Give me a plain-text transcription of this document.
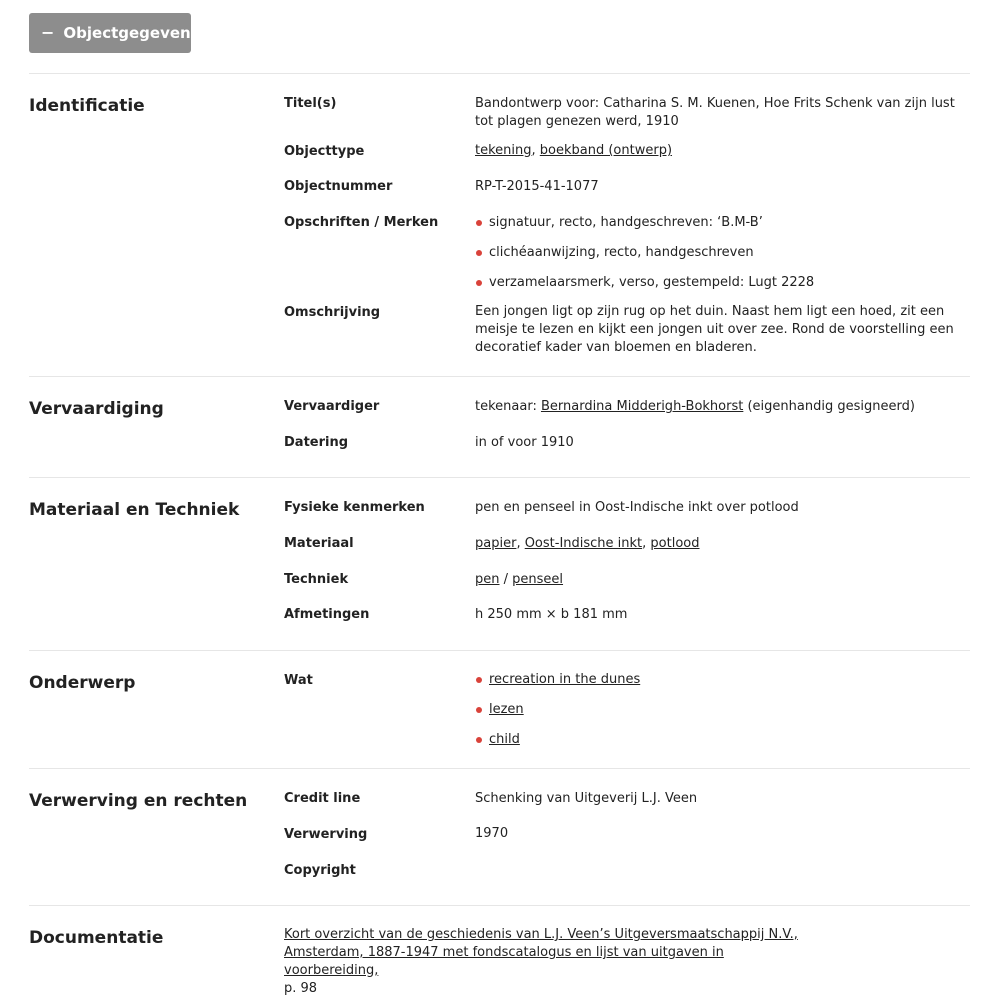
− Objectgegevens
Identificatie	Titel(s)	Bandontwerp voor: Catharina S. M. Kuenen, Hoe Frits Schenk van zijn lust tot plagen genezen werd, 1910
Objecttype	tekening, boekband (ontwerp)
Objectnummer	RP-T-2015-41-1077
Opschriften / Merken	signatuur, recto, handgeschreven: ‘B.M-B’
clichéaanwijzing, recto, handgeschreven
verzamelaarsmerk, verso, gestempeld: Lugt 2228
Omschrijving	Een jongen ligt op zijn rug op het duin. Naast hem ligt een hoed, zit een meisje te lezen en kijkt een jongen uit over zee. Rond de voorstelling een decoratief kader van bloemen en bladeren.
Vervaardiging	Vervaardiger	tekenaar: Bernardina Midderigh-Bokhorst (eigenhandig gesigneerd)
Datering	in of voor 1910
Materiaal en Techniek	Fysieke kenmerken	pen en penseel in Oost-Indische inkt over potlood
Materiaal	papier, Oost-Indische inkt, potlood
Techniek	pen / penseel
Afmetingen	h 250 mm × b 181 mm
Onderwerp	Wat	recreation in the dunes
lezen
child
Verwerving en rechten	Credit line	Schenking van Uitgeverij L.J. Veen
Verwerving	1970
Copyright
Documentatie	Kort overzicht van de geschiedenis van L.J. Veen’s Uitgeversmaatschappij N.V., Amsterdam, 1887-1947 met fondscatalogus en lijst van uitgaven in voorbereiding,
p. 98
